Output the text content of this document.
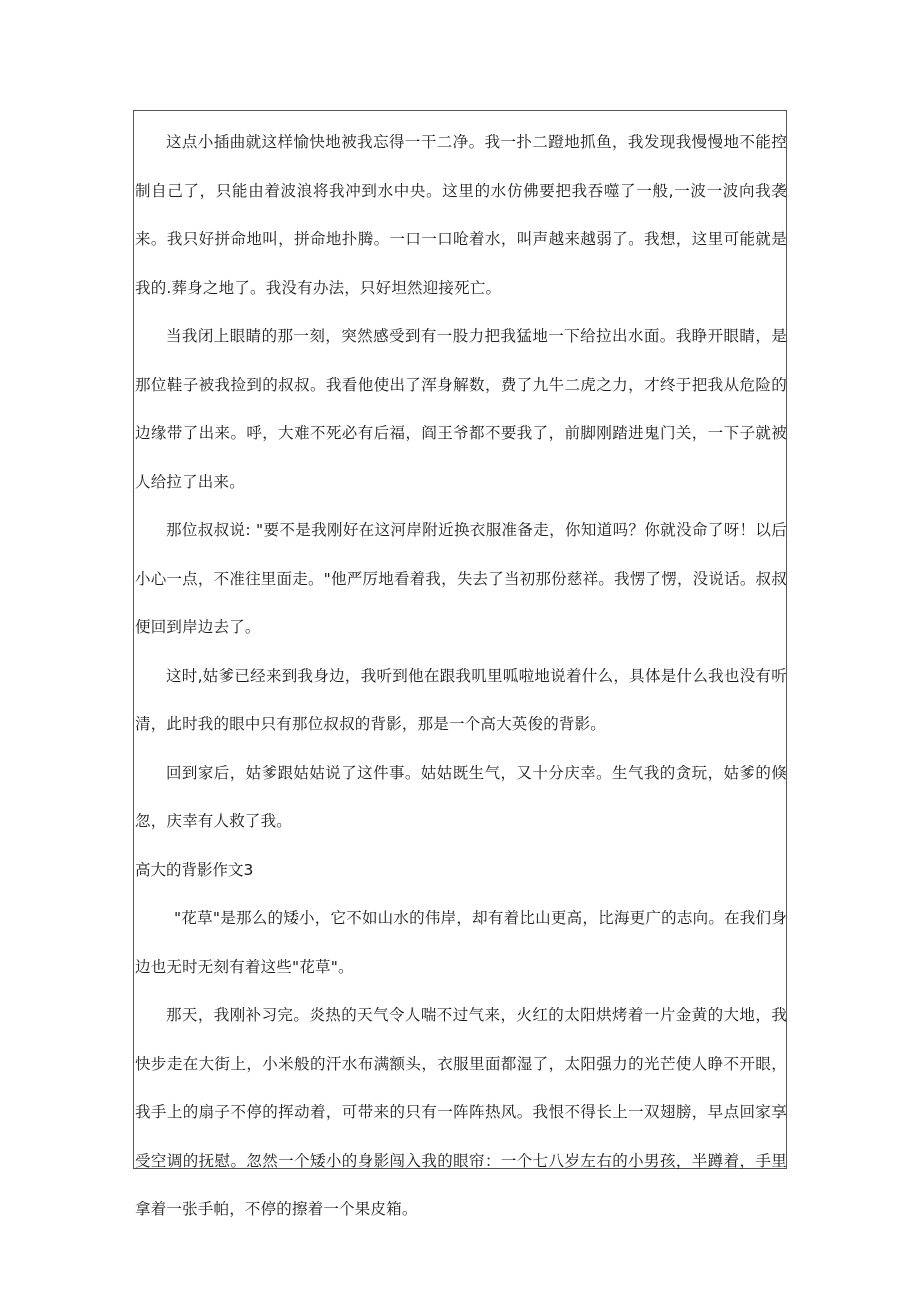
这点小插曲就这样愉快地被我忘得一干二净。我一扑二蹬地抓鱼，我发现我慢慢地不能控制自己了，只能由着波浪将我冲到水中央。这里的水仿佛要把我吞噬了一般,一波一波向我袭来。我只好拼命地叫，拼命地扑腾。一口一口呛着水，叫声越来越弱了。我想，这里可能就是我的.葬身之地了。我没有办法，只好坦然迎接死亡。

当我闭上眼睛的那一刻，突然感受到有一股力把我猛地一下给拉出水面。我睁开眼睛，是那位鞋子被我捡到的叔叔。我看他使出了浑身解数，费了九牛二虎之力，才终于把我从危险的边缘带了出来。呼，大难不死必有后福，阎王爷都不要我了，前脚刚踏进鬼门关，一下子就被人给拉了出来。

那位叔叔说: "要不是我刚好在这河岸附近换衣服准备走，你知道吗？你就没命了呀！以后小心一点，不准往里面走。"他严厉地看着我，失去了当初那份慈祥。我愣了愣，没说话。叔叔便回到岸边去了。

这时,姑爹已经来到我身边，我听到他在跟我叽里呱啦地说着什么，具体是什么我也没有听清，此时我的眼中只有那位叔叔的背影，那是一个高大英俊的背影。

回到家后，姑爹跟姑姑说了这件事。姑姑既生气，又十分庆幸。生气我的贪玩，姑爹的倏忽，庆幸有人救了我。

高大的背影作文3

"花草"是那么的矮小，它不如山水的伟岸，却有着比山更高，比海更广的志向。在我们身边也无时无刻有着这些"花草"。

那天，我刚补习完。炎热的天气令人喘不过气来，火红的太阳烘烤着一片金黄的大地，我快步走在大街上，小米般的汗水布满额头，衣服里面都湿了，太阳强力的光芒使人睁不开眼，我手上的扇子不停的挥动着，可带来的只有一阵阵热风。我恨不得长上一双翅膀，早点回家享受空调的抚慰。忽然一个矮小的身影闯入我的眼帘：一个七八岁左右的小男孩，半蹲着，手里拿着一张手帕，不停的擦着一个果皮箱。
